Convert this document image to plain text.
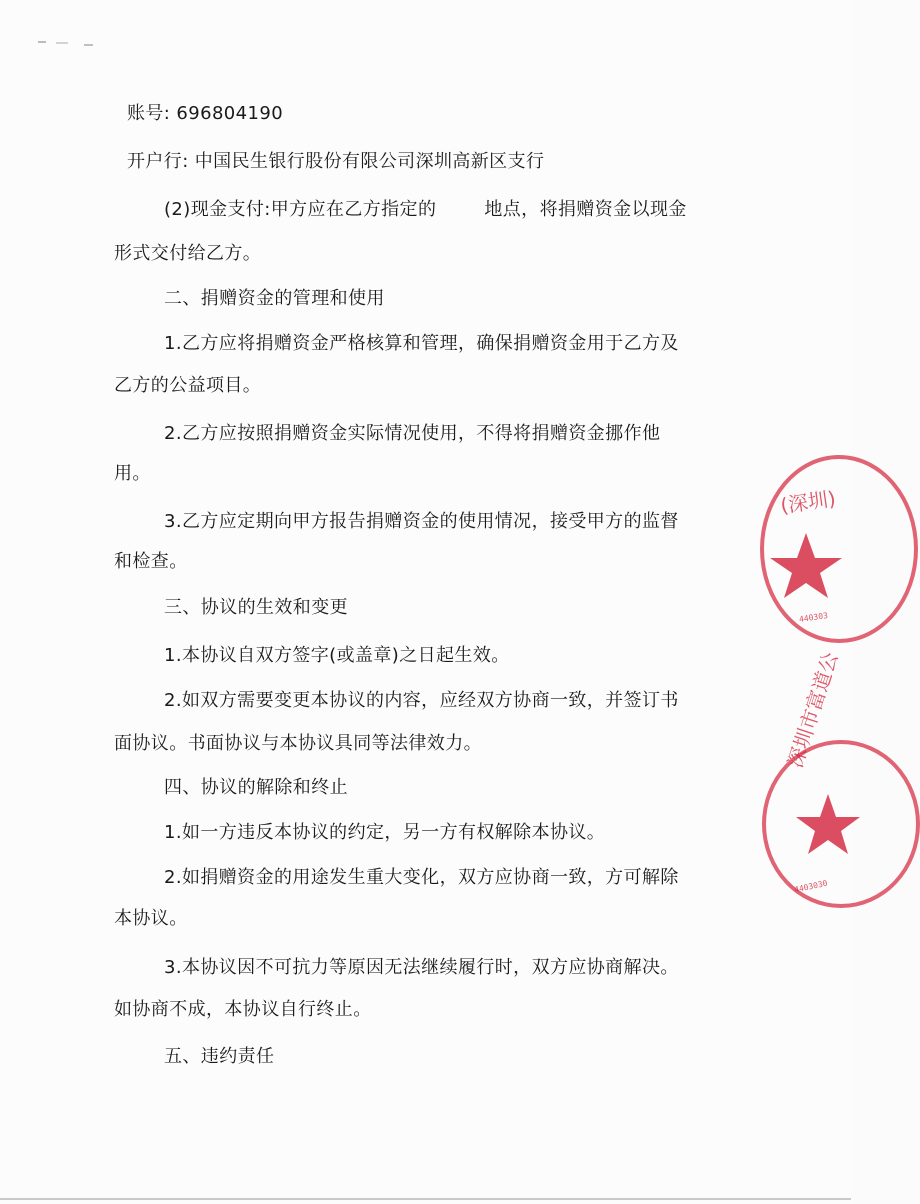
账号: 696804190
开户行: 中国民生银行股份有限公司深圳高新区支行
(2)现金支付:甲方应在乙方指定的	地点，将捐赠资金以现金
形式交付给乙方。
二、捐赠资金的管理和使用
1.乙方应将捐赠资金严格核算和管理，确保捐赠资金用于乙方及
乙方的公益项目。
2.乙方应按照捐赠资金实际情况使用，不得将捐赠资金挪作他
用。
3.乙方应定期向甲方报告捐赠资金的使用情况，接受甲方的监督
和检查。
三、协议的生效和变更
1.本协议自双方签字(或盖章)之日起生效。
2.如双方需要变更本协议的内容，应经双方协商一致，并签订书
面协议。书面协议与本协议具同等法律效力。
四、协议的解除和终止
1.如一方违反本协议的约定，另一方有权解除本协议。
2.如捐赠资金的用途发生重大变化，双方应协商一致，方可解除
本协议。
3.本协议因不可抗力等原因无法继续履行时，双方应协商解决。
如协商不成，本协议自行终止。
五、违约责任
(深圳)
440303
深圳市富道公
4403030
